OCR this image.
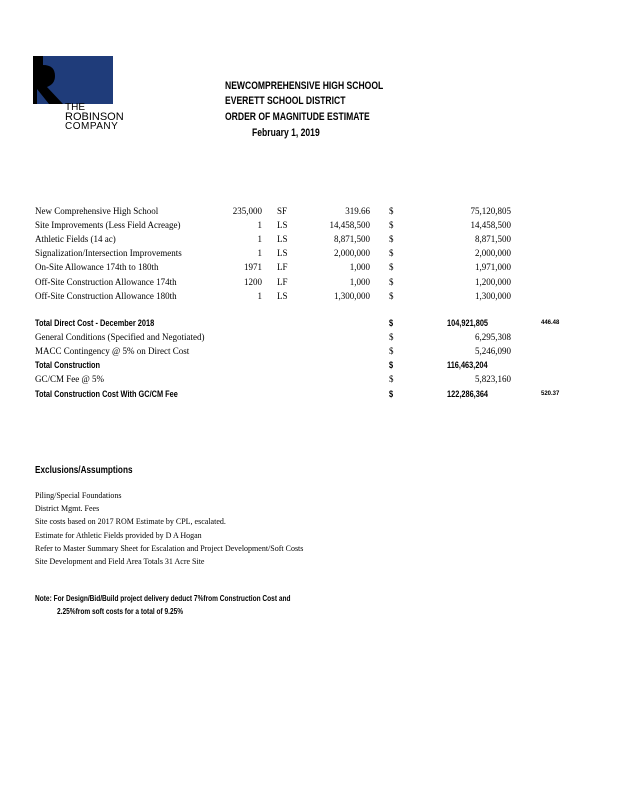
THE
ROBINSON
COMPANY
NEWCOMPREHENSIVE HIGH SCHOOL
EVERETT SCHOOL DISTRICT
ORDER OF MAGNITUDE ESTIMATE
February 1, 2019
New Comprehensive High School	235,000 SF	319.66 $	75,120,805
Site Improvements (Less Field Acreage)	1 LS	14,458,500 $	14,458,500
Athletic Fields (14 ac)	1 LS	8,871,500 $	8,871,500
Signalization/Intersection Improvements	1 LS	2,000,000 $	2,000,000
On-Site Allowance 174th to 180th	1971 LF	1,000 $	1,971,000
Off-Site Construction Allowance 174th	1200 LF	1,000 $	1,200,000
Off-Site Construction Allowance 180th	1 LS	1,300,000 $	1,300,000
Total Direct Cost - December 2018	$	104,921,805	446.48
General Conditions (Specified and Negotiated)	$	6,295,308
MACC Contingency @ 5% on Direct Cost	$	5,246,090
Total Construction	$	116,463,204
GC/CM Fee @ 5%	$	5,823,160
Total Construction Cost With GC/CM Fee	$	122,286,364	520.37
Exclusions/Assumptions
Piling/Special Foundations
District Mgmt. Fees
Site costs based on 2017 ROM Estimate by CPL, escalated.
Estimate for Athletic Fields provided by D A Hogan
Refer to Master Summary Sheet for Escalation and Project Development/Soft Costs
Site Development and Field Area Totals 31 Acre Site
Note: For Design/Bid/Build project delivery deduct 7%from Construction Cost and
2.25%from soft costs for a total of 9.25%
